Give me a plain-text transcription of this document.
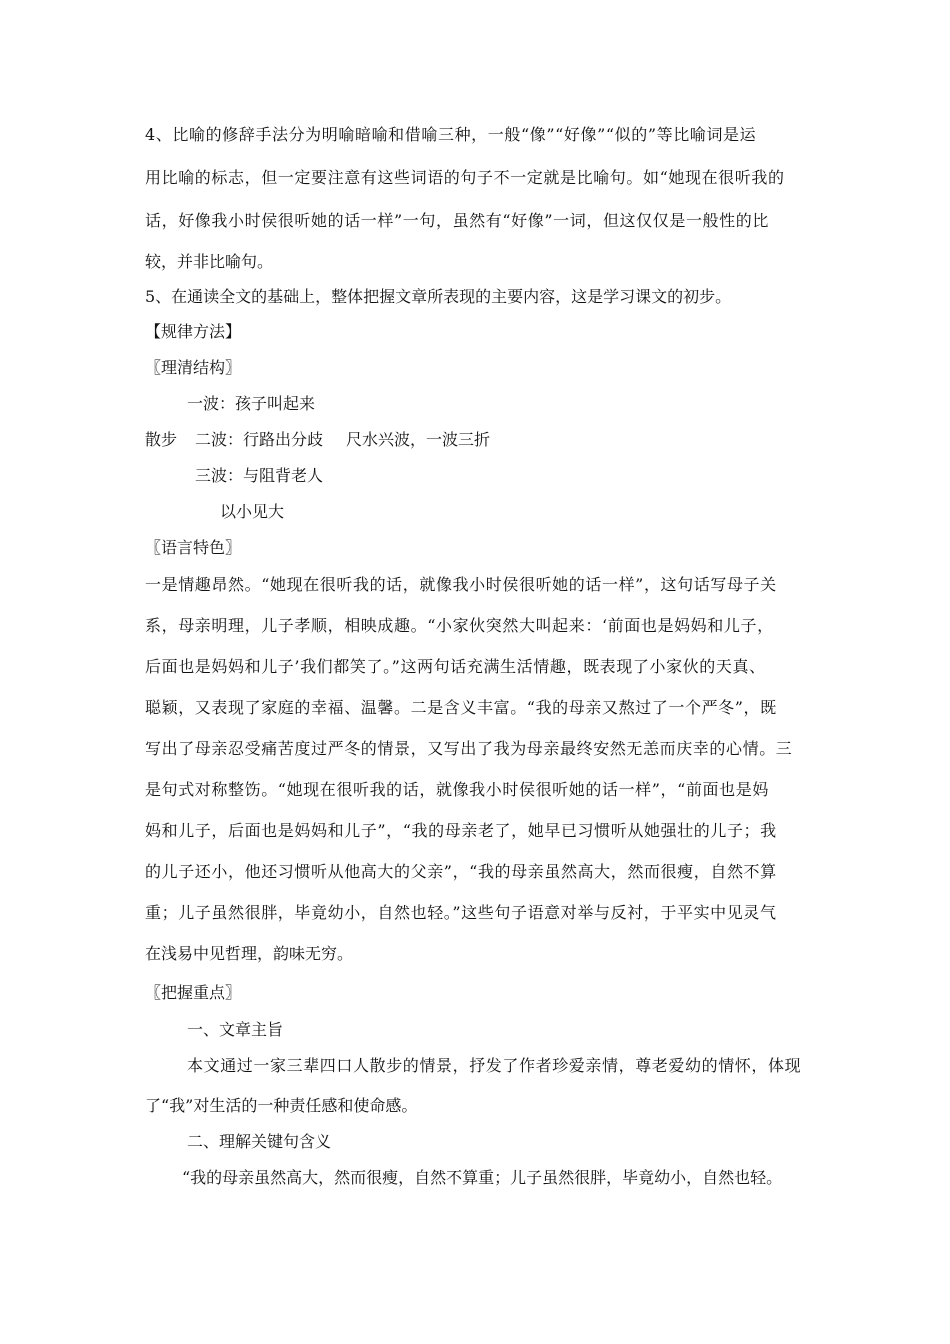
4、比喻的修辞手法分为明喻暗喻和借喻三种，一般“像”“好像”“似的”等比喻词是运
用比喻的标志，但一定要注意有这些词语的句子不一定就是比喻句。如“她现在很听我的
话，好像我小时侯很听她的话一样”一句，虽然有“好像”一词，但这仅仅是一般性的比
较，并非比喻句。
5、在通读全文的基础上，整体把握文章所表现的主要内容，这是学习课文的初步。
【规律方法】
〖理清结构〗
一波：孩子叫起来
散步 二波：行路出分歧 尺水兴波，一波三折
三波：与阻背老人
以小见大
〖语言特色〗
一是情趣昂然。“她现在很听我的话，就像我小时侯很听她的话一样”，这句话写母子关
系，母亲明理，儿子孝顺，相映成趣。“小家伙突然大叫起来：‘前面也是妈妈和儿子，
后面也是妈妈和儿子’我们都笑了。”这两句话充满生活情趣，既表现了小家伙的天真、
聪颖，又表现了家庭的幸福、温馨。二是含义丰富。“我的母亲又熬过了一个严冬”，既
写出了母亲忍受痛苦度过严冬的情景，又写出了我为母亲最终安然无恙而庆幸的心情。三
是句式对称整饬。“她现在很听我的话，就像我小时侯很听她的话一样”，“前面也是妈
妈和儿子，后面也是妈妈和儿子”，“我的母亲老了，她早已习惯听从她强壮的儿子；我
的儿子还小，他还习惯听从他高大的父亲”，“我的母亲虽然高大，然而很瘦，自然不算
重；儿子虽然很胖，毕竟幼小，自然也轻。”这些句子语意对举与反衬，于平实中见灵气
在浅易中见哲理，韵味无穷。
〖把握重点〗
一、文章主旨
本文通过一家三辈四口人散步的情景，抒发了作者珍爱亲情，尊老爱幼的情怀，体现
了“我”对生活的一种责任感和使命感。
二、理解关键句含义
“我的母亲虽然高大，然而很瘦，自然不算重；儿子虽然很胖，毕竟幼小，自然也轻。
